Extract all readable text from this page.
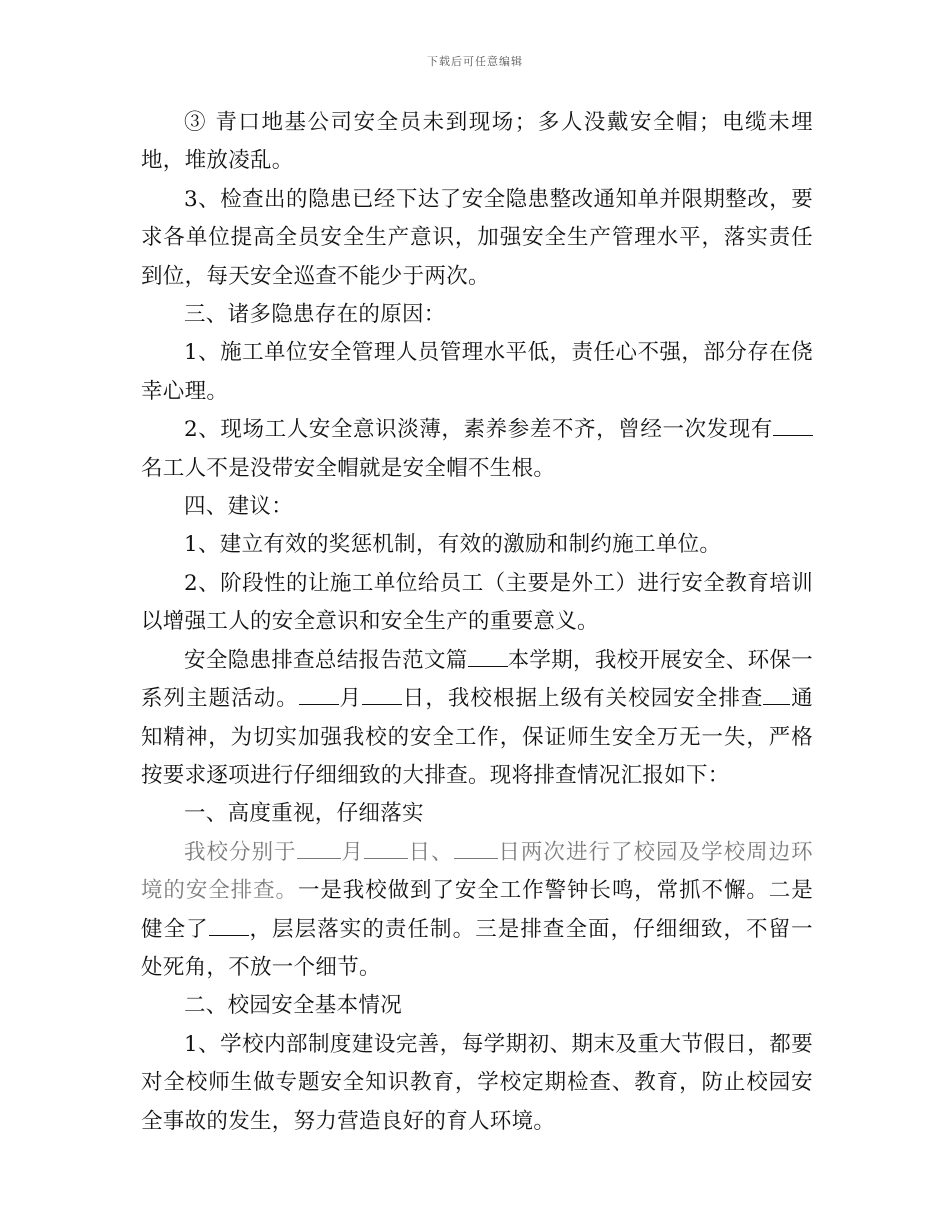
下载后可任意编辑

③ 青口地基公司安全员未到现场；多人没戴安全帽；电缆未埋地，堆放凌乱。

3、检查出的隐患已经下达了安全隐患整改通知单并限期整改，要求各单位提高全员安全生产意识，加强安全生产管理水平，落实责任到位，每天安全巡查不能少于两次。

三、诸多隐患存在的原因：

1、施工单位安全管理人员管理水平低，责任心不强，部分存在侥幸心理。

2、现场工人安全意识淡薄，素养参差不齐，曾经一次发现有名工人不是没带安全帽就是安全帽不生根。

四、建议：

1、建立有效的奖惩机制，有效的激励和制约施工单位。

2、阶段性的让施工单位给员工（主要是外工）进行安全教育培训以增强工人的安全意识和安全生产的重要意义。

安全隐患排查总结报告范文篇 本学期，我校开展安全、环保一系列主题活动。 月 日，我校根据上级有关校园安全排查 通知精神，为切实加强我校的安全工作，保证师生安全万无一失，严格按要求逐项进行仔细细致的大排查。现将排查情况汇报如下：

一、高度重视，仔细落实

我校分别于 月 日、 日两次进行了校园及学校周边环境的安全排查。一是我校做到了安全工作警钟长鸣，常抓不懈。二是健全了 ，层层落实的责任制。三是排查全面，仔细细致，不留一处死角，不放一个细节。

二、校园安全基本情况

1、学校内部制度建设完善，每学期初、期末及重大节假日，都要对全校师生做专题安全知识教育，学校定期检查、教育，防止校园安全事故的发生，努力营造良好的育人环境。
